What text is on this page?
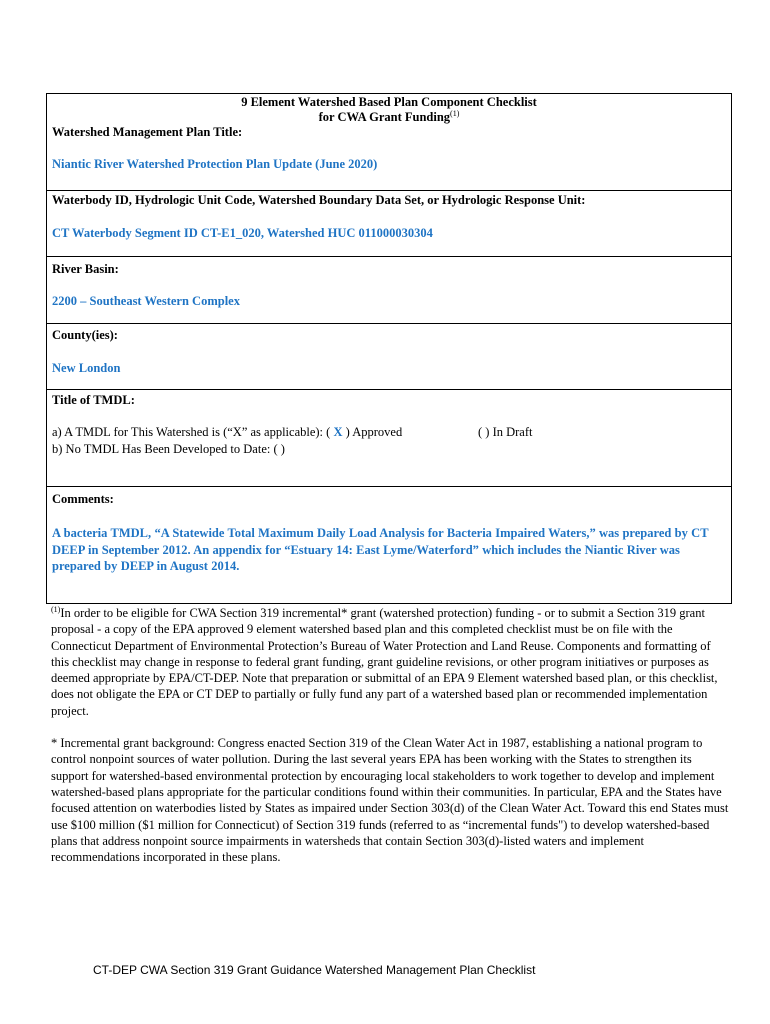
9 Element Watershed Based Plan Component Checklist
for CWA Grant Funding$^{(1)}$
Watershed Management Plan Title:
Niantic River Watershed Protection Plan Update (June 2020)
Waterbody ID, Hydrologic Unit Code, Watershed Boundary Data Set, or Hydrologic Response Unit:
CT Waterbody Segment ID CT-E1_020, Watershed HUC 011000030304
River Basin:
2200 – Southeast Western Complex
County(ies):
New London
Title of TMDL:
a) A TMDL for This Watershed is (“X” as applicable): ( X ) Approved	( ) In Draft
b) No TMDL Has Been Developed to Date: ( )
Comments:
A bacteria TMDL, “A Statewide Total Maximum Daily Load Analysis for Bacteria Impaired Waters,” was prepared by CT DEEP in September 2012. An appendix for “Estuary 14: East Lyme/Waterford” which includes the Niantic River was prepared by DEEP in August 2014.
$^{(1)}$In order to be eligible for CWA Section 319 incremental* grant (watershed protection) funding - or to submit a Section 319 grant proposal - a copy of the EPA approved 9 element watershed based plan and this completed checklist must be on file with the Connecticut Department of Environmental Protection’s Bureau of Water Protection and Land Reuse. Components and formatting of this checklist may change in response to federal grant funding, grant guideline revisions, or other program initiatives or purposes as deemed appropriate by EPA/CT-DEP. Note that preparation or submittal of an EPA 9 Element watershed based plan, or this checklist, does not obligate the EPA or CT DEP to partially or fully fund any part of a watershed based plan or recommended implementation project.
* Incremental grant background: Congress enacted Section 319 of the Clean Water Act in 1987, establishing a national program to control nonpoint sources of water pollution. During the last several years EPA has been working with the States to strengthen its support for watershed-based environmental protection by encouraging local stakeholders to work together to develop and implement watershed-based plans appropriate for the particular conditions found within their communities. In particular, EPA and the States have focused attention on waterbodies listed by States as impaired under Section 303(d) of the Clean Water Act. Toward this end States must use $100 million ($1 million for Connecticut) of Section 319 funds (referred to as “incremental funds") to develop watershed-based plans that address nonpoint source impairments in watersheds that contain Section 303(d)-listed waters and implement recommendations incorporated in these plans.
CT-DEP CWA Section 319 Grant Guidance Watershed Management Plan Checklist
